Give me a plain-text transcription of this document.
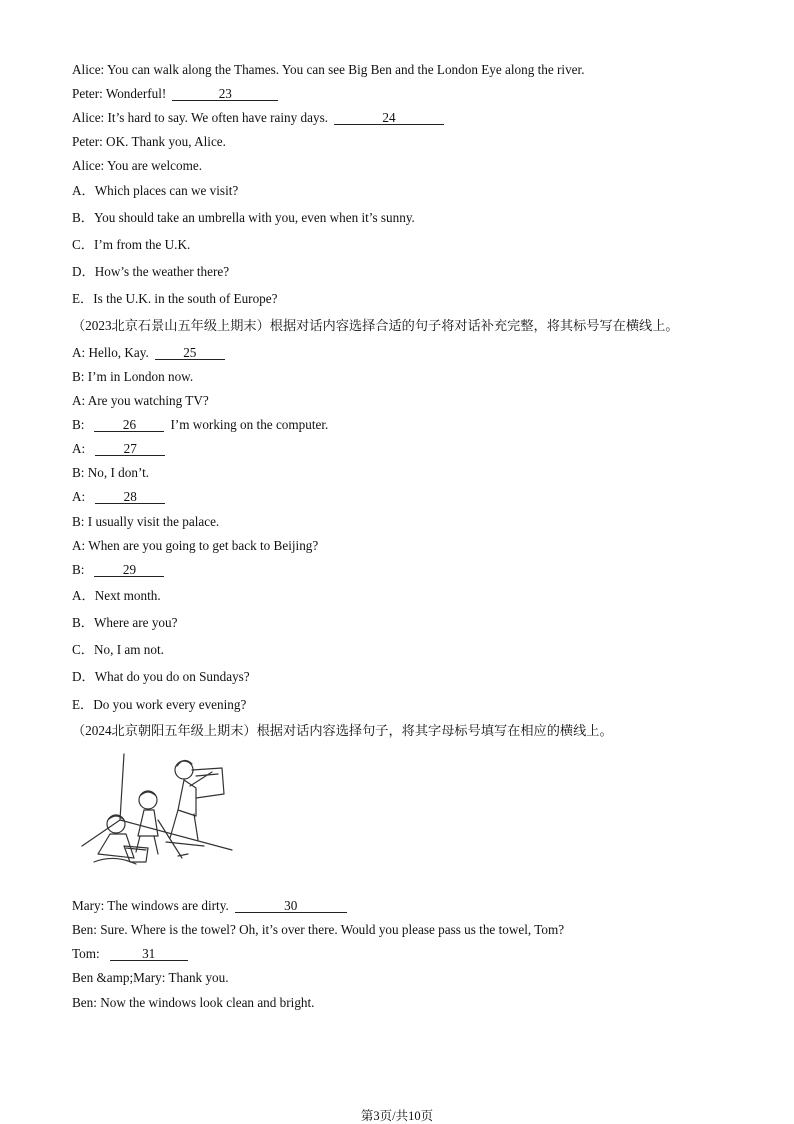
Alice: You can walk along the Thames. You can see Big Ben and the London Eye along the river.
Peter: Wonderful!	23
Alice: It’s hard to say. We often have rainy days.	24
Peter: OK. Thank you, Alice.
Alice: You are welcome.
A．Which places can we visit?
B．You should take an umbrella with you, even when it’s sunny.
C．I’m from the U.K.
D．How’s the weather there?
E．Is the U.K. in the south of Europe?
（2023北京石景山五年级上期末）根据对话内容选择合适的句子将对话补充完整，将其标号写在横线上。
A: Hello, Kay.	25
B: I’m in London now.
A: Are you watching TV?
B:	26	I’m working on the computer.
A:	27
B: No, I don’t.
A:	28
B: I usually visit the palace.
A: When are you going to get back to Beijing?
B:	29
A．Next month.
B．Where are you?
C．No, I am not.
D．What do you do on Sundays?
E．Do you work every evening?
（2024北京朝阳五年级上期末）根据对话内容选择句子，将其字母标号填写在相应的横线上。
Mary: The windows are dirty.	30
Ben: Sure. Where is the towel? Oh, it’s over there. Would you please pass us the towel, Tom?
Tom:	31
Ben &amp;Mary: Thank you.
Ben: Now the windows look clean and bright.
第3页/共10页
